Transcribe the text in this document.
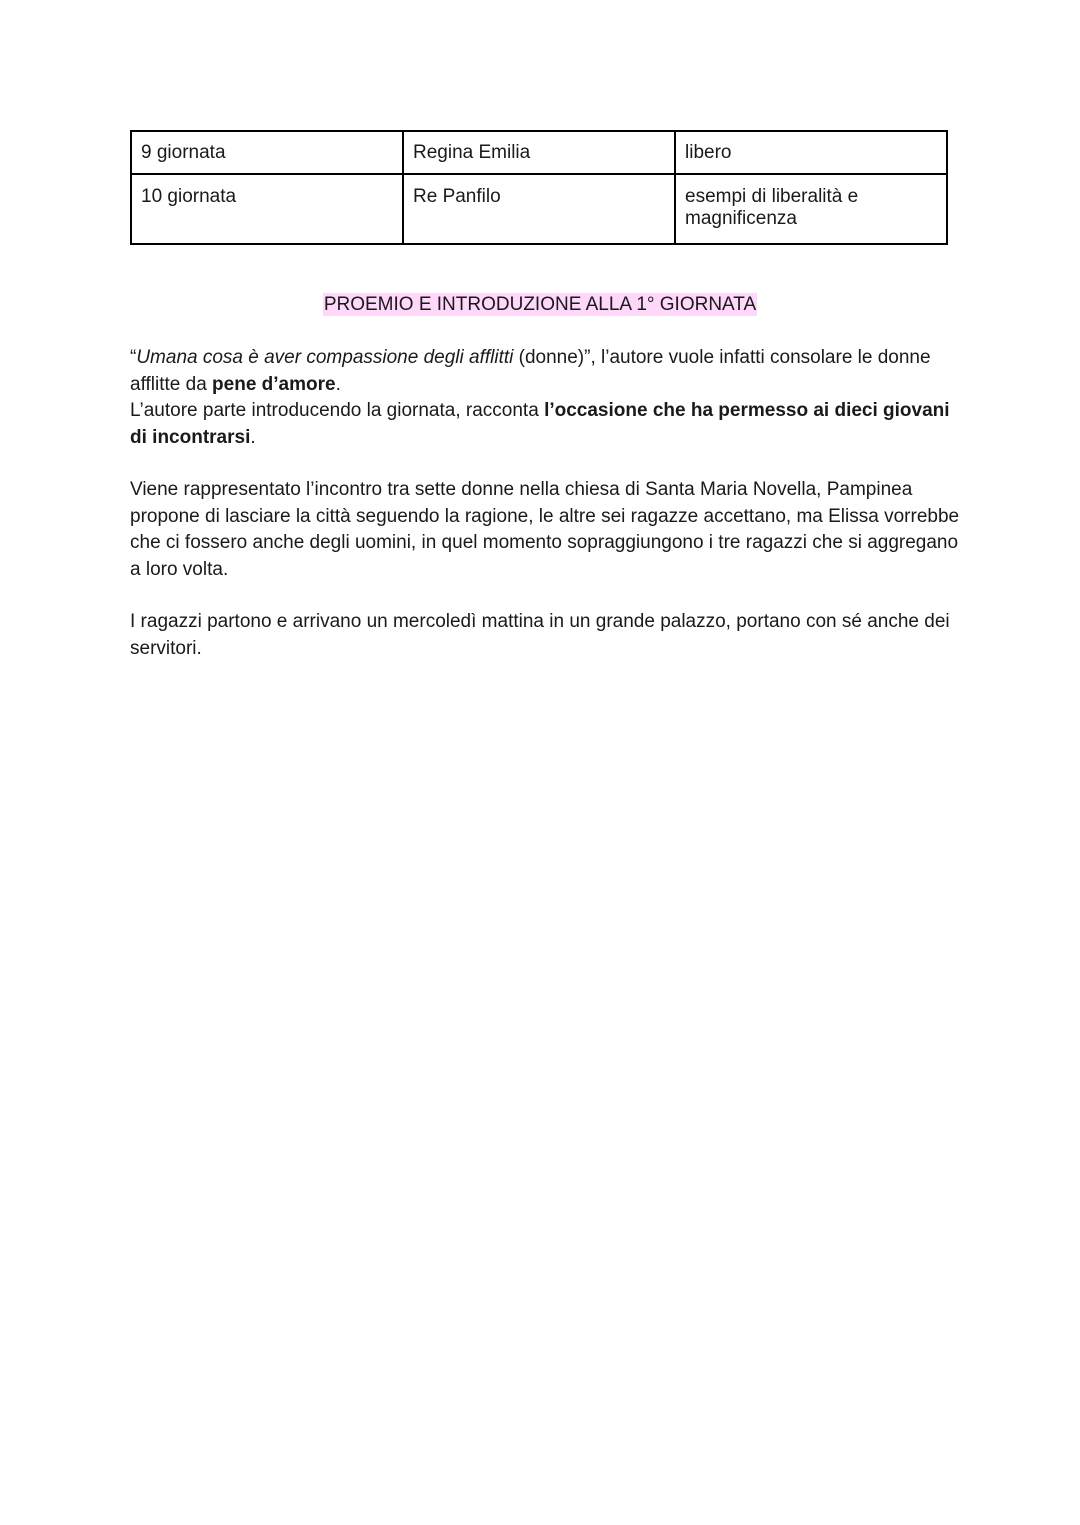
9 giornata	Regina Emilia	libero
10 giornata	Re Panfilo	esempi di liberalità e magnificenza
PROEMIO E INTRODUZIONE ALLA 1° GIORNATA

“Umana cosa è aver compassione degli afflitti (donne)”, l’autore vuole infatti consolare le donne afflitte da pene d’amore.
L’autore parte introducendo la giornata, racconta l’occasione che ha permesso ai dieci giovani di incontrarsi.

Viene rappresentato l’incontro tra sette donne nella chiesa di Santa Maria Novella, Pampinea propone di lasciare la città seguendo la ragione, le altre sei ragazze accettano, ma Elissa vorrebbe che ci fossero anche degli uomini, in quel momento sopraggiungono i tre ragazzi che si aggregano a loro volta.

I ragazzi partono e arrivano un mercoledì mattina in un grande palazzo, portano con sé anche dei servitori.
